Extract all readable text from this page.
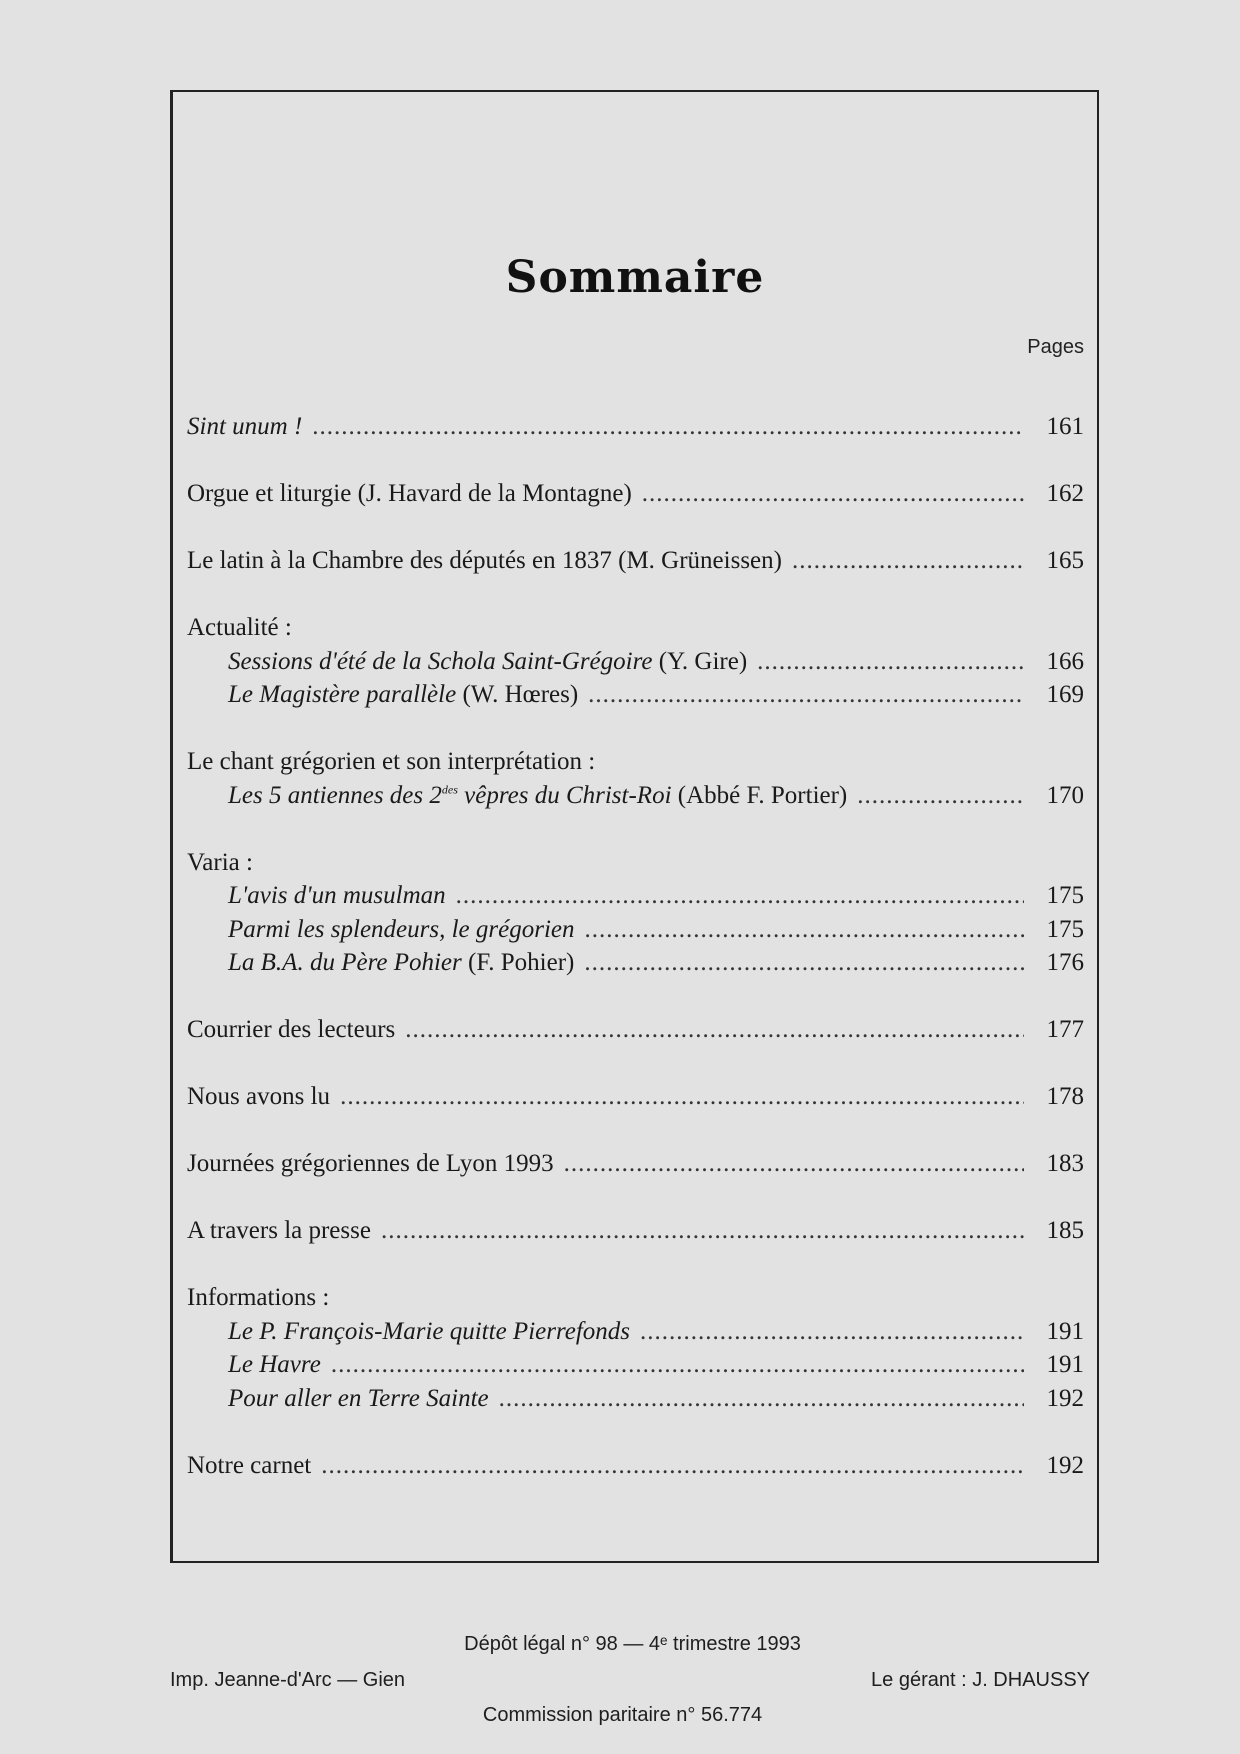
Sommaire
Pages
Sint unum ! .....	161
Orgue et liturgie (J. Havard de la Montagne) .....	162
Le latin à la Chambre des députés en 1837 (M. Grüneissen) .....	165
Actualité :
Sessions d'été de la Schola Saint-Grégoire (Y. Gire) .....	166
Le Magistère parallèle (W. Hœres) .....	169
Le chant grégorien et son interprétation :
Les 5 antiennes des $2^{des}$ vêpres du Christ-Roi (Abbé F. Portier) .....	170
Varia :
L'avis d'un musulman .....	175
Parmi les splendeurs, le grégorien .....	175
La B.A. du Père Pohier (F. Pohier) .....	176
Courrier des lecteurs .....	177
Nous avons lu .....	178
Journées grégoriennes de Lyon 1993 .....	183
A travers la presse .....	185
Informations :
Le P. François-Marie quitte Pierrefonds .....	191
Le Havre .....	191
Pour aller en Terre Sainte .....	192
Notre carnet .....	192
Dépôt légal n° 98 — 4ᵉ trimestre 1993
Imp. Jeanne-d'Arc — Gien	Le gérant : J. DHAUSSY
Commission paritaire n° 56.774
